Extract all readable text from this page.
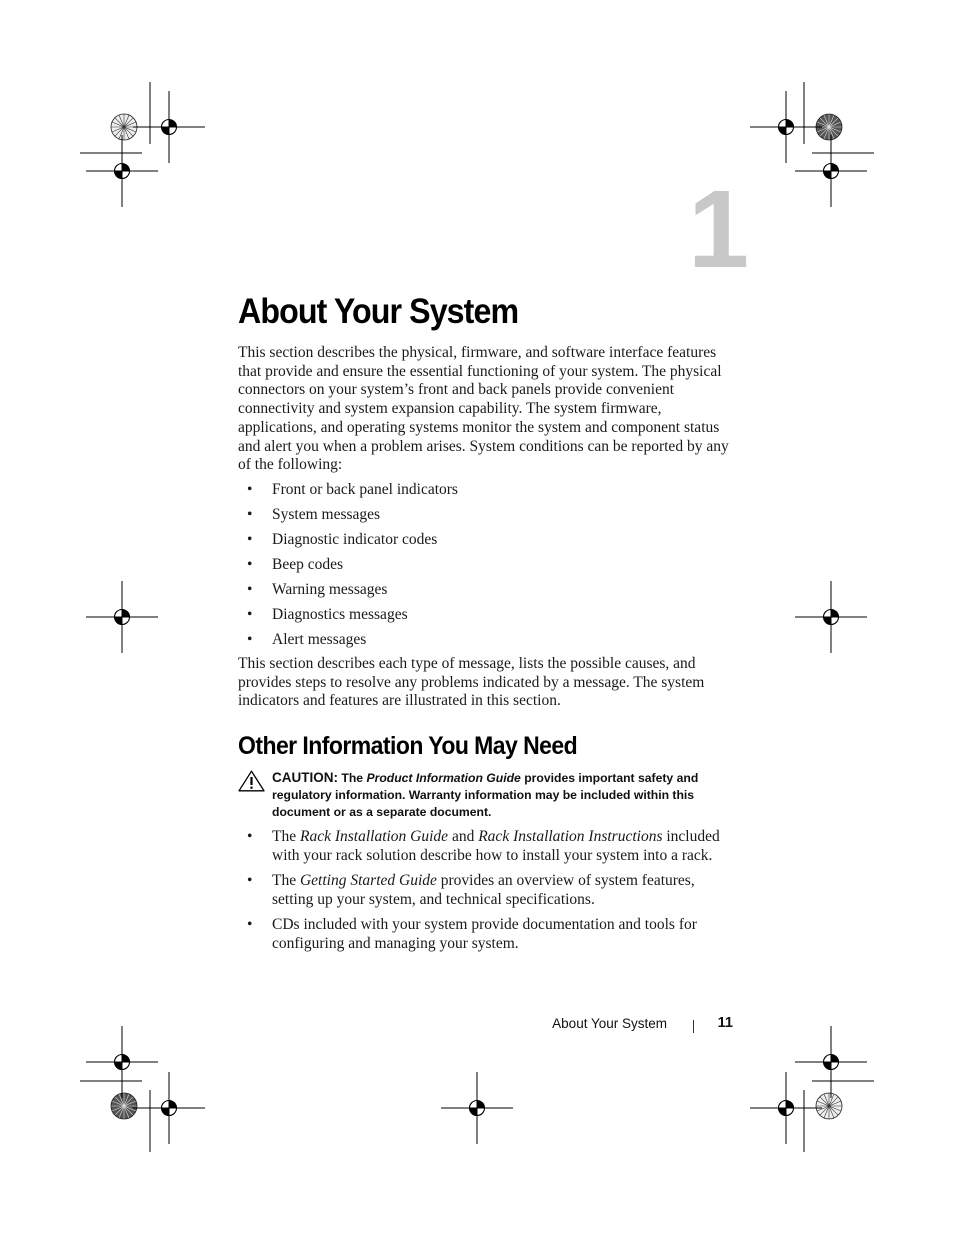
1
About Your System

This section describes the physical, firmware, and software interface features that provide and ensure the essential functioning of your system. The physical connectors on your system’s front and back panels provide convenient connectivity and system expansion capability. The system firmware, applications, and operating systems monitor the system and component status and alert you when a problem arises. System conditions can be reported by any of the following:

• Front or back panel indicators
• System messages
• Diagnostic indicator codes
• Beep codes
• Warning messages
• Diagnostics messages
• Alert messages

This section describes each type of message, lists the possible causes, and provides steps to resolve any problems indicated by a message. The system indicators and features are illustrated in this section.

Other Information You May Need

CAUTION: The Product Information Guide provides important safety and regulatory information. Warranty information may be included within this document or as a separate document.

• The Rack Installation Guide and Rack Installation Instructions included with your rack solution describe how to install your system into a rack.
• The Getting Started Guide provides an overview of system features, setting up your system, and technical specifications.
• CDs included with your system provide documentation and tools for configuring and managing your system.
About Your System	11
